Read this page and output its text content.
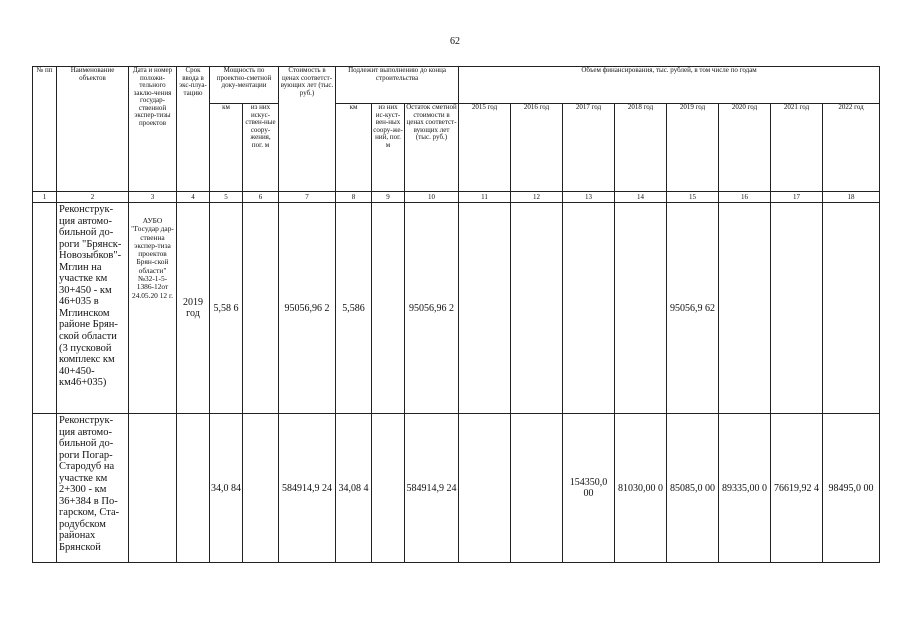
62
№ пп	Наименование объектов	Дата и номер положи-тельного заклю-чения государ-ственной экспер-тизы проектов	Срок ввода в экс-плуа-тацию	Мощность по проектно-сметной доку-ментации		Стоимость в ценах соответст-вующих лет (тыс. руб.)	Подлежит выполнению до конца строительства			Объем финансирования, тыс. рублей, в том числе по годам							
				км	из них искус-ствен-ные соору-жения, пог. м		км	из них ис-куст-вен-ных соору-же-ний, пог. м	Остаток сметной стоимости в ценах соответст-вующих лет (тыс. руб.)	2015 год	2016 год	2017 год	2018 год	2019 год	2020 год	2021 год	2022 год
1	2	3	4	5	6	7	8	9	10	11	12	13	14	15	16	17	18
	Реконструк-ция автомо-бильной до-роги "Брянск-Новозыбков"-Мглин на участке км 30+450 - км 46+035 в Мглинском районе Брян-ской области (3 пусковой комплекс км 40+450-км46+035)	АУБО "Государ дар-ственна экспер-тиза проектов Брян-ской области" №32-1-5-1386-12от 24.05.20 12 г.	2019 год	5,58 6		95056,96 2	5,586		95056,96 2					95056,9 62			
	Реконструк-ция автомо-бильной до-роги Погар-Стародуб на участке км 2+300 - км 36+384 в По-гарском, Ста-родубском районах Брянской			34,0 84		584914,9 24	34,08 4		584914,9 24			154350,0 00	81030,00 0	85085,0 00	89335,00 0	76619,92 4	98495,0 00
